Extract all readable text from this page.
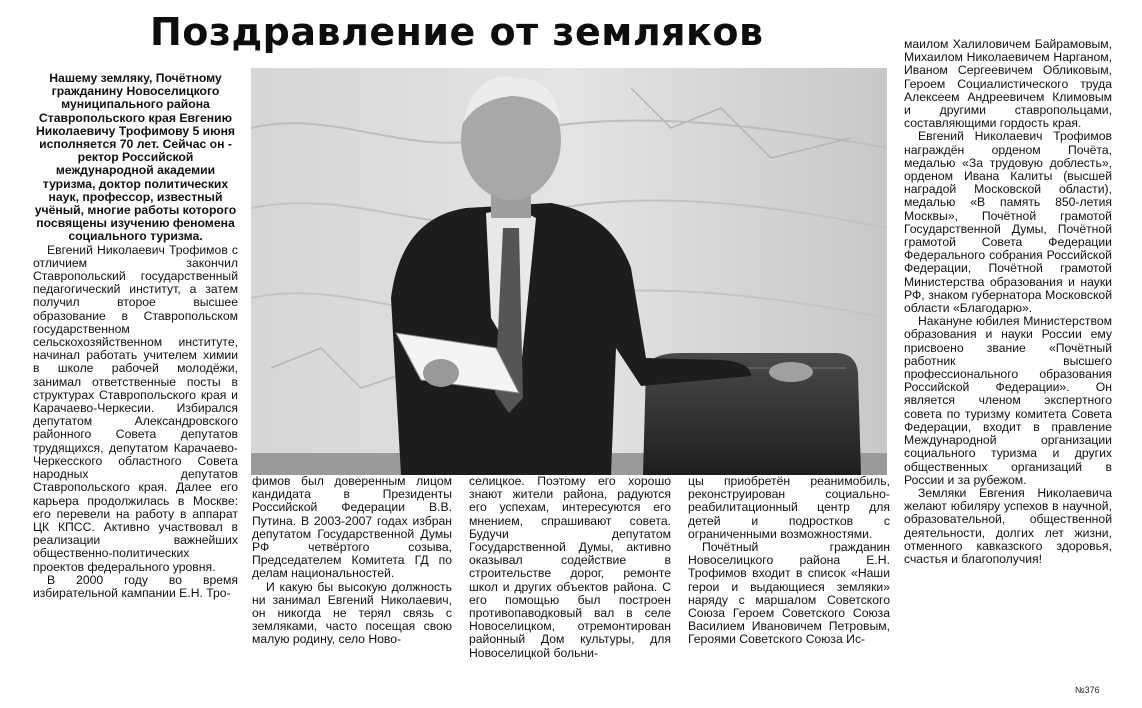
Поздравление от земляков

Нашему земляку, Почётному гражданину Новоселицкого муниципального района Ставропольского края Евгению Николаевичу Трофимову 5 июня исполняется 70 лет. Сейчас он - ректор Российской международной академии туризма, доктор политических наук, профессор, известный учёный, многие работы которого посвящены изучению феномена социального туризма.

Евгений Николаевич Трофимов с отличием закончил Ставропольский государственный педагогический институт, а затем получил второе высшее образование в Ставропольском государственном сельскохозяйственном институте, начинал работать учителем химии в школе рабочей молодёжи, занимал ответственные посты в структурах Ставропольского края и Карачаево-Черкесии. Избирался депутатом Александровского районного Совета депутатов трудящихся, депутатом Карачаево-Черкесского областного Совета народных депутатов Ставропольского края. Далее его карьера продолжилась в Москве: его перевели на работу в аппарат ЦК КПСС. Активно участвовал в реализации важнейших общественно-политических проектов федерального уровня.

В 2000 году во время избирательной кампании Е.Н. Тро-

фимов был доверенным лицом кандидата в Президенты Российской Федерации В.В. Путина. В 2003-2007 годах избран депутатом Государственной Думы РФ четвёртого созыва, Председателем Комитета ГД по делам национальностей.

И какую бы высокую должность ни занимал Евгений Николаевич, он никогда не терял связь с земляками, часто посещая свою малую родину, село Ново-

селицкое. Поэтому его хорошо знают жители района, радуются его успехам, интересуются его мнением, спрашивают совета. Будучи депутатом Государственной Думы, активно оказывал содействие в строительстве дорог, ремонте школ и других объектов района. С его помощью был построен противопаводковый вал в селе Новоселицком, отремонтирован районный Дом культуры, для Новоселицкой больни-

цы приобретён реанимобиль, реконструирован социально-реабилитационный центр для детей и подростков с ограниченными возможностями.

Почётный гражданин Новоселицкого района Е.Н. Трофимов входит в список «Наши герои и выдающиеся земляки» наряду с маршалом Советского Союза Героем Советского Союза Василием Ивановичем Петровым, Героями Советского Союза Ис-

маилом Халиловичем Байрамовым, Михаилом Николаевичем Нарганом, Иваном Сергеевичем Обликовым, Героем Социалистического труда Алексеем Андреевичем Климовым и другими ставропольцами, составляющими гордость края.

Евгений Николаевич Трофимов награждён орденом Почёта, медалью «За трудовую доблесть», орденом Ивана Калиты (высшей наградой Московской области), медалью «В память 850-летия Москвы», Почётной грамотой Государственной Думы, Почётной грамотой Совета Федерации Федерального собрания Российской Федерации, Почётной грамотой Министерства образования и науки РФ, знаком губернатора Московской области «Благодарю».

Накануне юбилея Министерством образования и науки России ему присвоено звание «Почётный работник высшего профессионального образования Российской Федерации». Он является членом экспертного совета по туризму комитета Совета Федерации, входит в правление Международной организации социального туризма и других общественных организаций в России и за рубежом.

Земляки Евгения Николаевича желают юбиляру успехов в научной, образовательной, общественной деятельности, долгих лет жизни, отменного кавказского здоровья, счастья и благополучия!

№376
